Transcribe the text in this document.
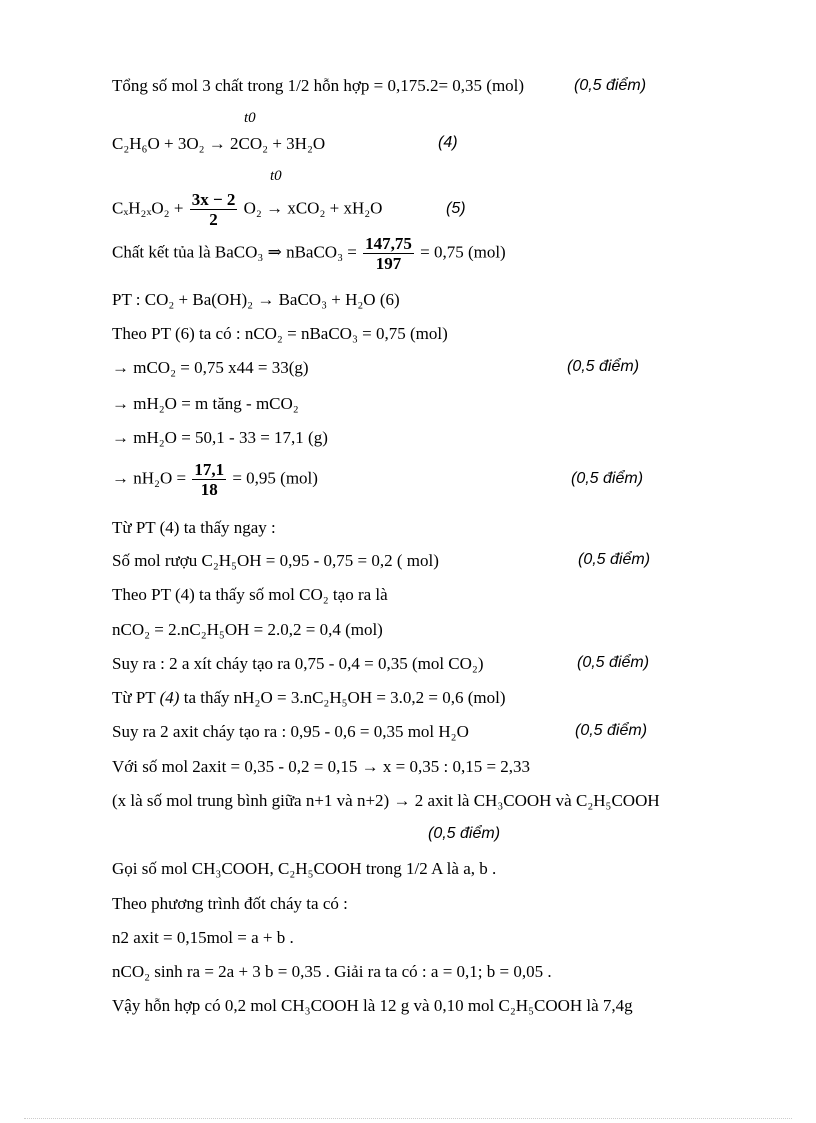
Tổng số mol 3 chất trong 1/2 hỗn hợp = 0,175.2= 0,35 (mol)	(0,5 điểm)
t0
C₂H₆O + 3O₂ → 2CO₂ + 3H₂O	(4)
t0
$C_xH_{2x}O_2 + \frac{3x - 2}{2} O_2 \to xCO_2 + xH_2O$	(5)
Chất kết tủa là BaCO₃ ⇒ nBaCO₃ = $\frac{147,75}{197} = 0,75$ (mol)
PT : CO₂ + Ba(OH)₂ → BaCO₃ + H₂O (6)
Theo PT (6) ta có : nCO₂ = nBaCO₃ = 0,75 (mol)
→ mCO₂ = 0,75 x44 = 33(g)	(0,5 điểm)
→ mH₂O = m tăng - mCO₂
→ mH₂O = 50,1 - 33 = 17,1 (g)
→ $nH_2O = \frac{17,1}{18} = 0,95$ (mol)	(0,5 điểm)
Từ PT (4) ta thấy ngay :
Số mol rượu C₂H₅OH = 0,95 - 0,75 = 0,2 ( mol)	(0,5 điểm)
Theo PT (4) ta thấy số mol CO₂ tạo ra là
nCO₂ = 2.nC₂H₅OH = 2.0,2 = 0,4 (mol)
Suy ra : 2 a xít cháy tạo ra 0,75 - 0,4 = 0,35 (mol CO₂)	(0,5 điểm)
Từ PT (4) ta thấy nH₂O = 3.nC₂H₅OH = 3.0,2 = 0,6 (mol)
Suy ra 2 axit cháy tạo ra : 0,95 - 0,6 = 0,35 mol H₂O	(0,5 điểm)
Với số mol 2axit = 0,35 - 0,2 = 0,15 → x = 0,35 : 0,15 = 2,33
(x là số mol trung bình giữa n+1 và n+2) → 2 axit là CH₃COOH và C₂H₅COOH
(0,5 điểm)
Gọi số mol CH₃COOH, C₂H₅COOH trong 1/2 A là a, b .
Theo phương trình đốt cháy ta có :
n2 axit = 0,15mol = a + b .
nCO₂ sinh ra = 2a + 3 b = 0,35 . Giải ra ta có : a = 0,1; b = 0,05 .
Vậy hỗn hợp có 0,2 mol CH₃COOH là 12 g và 0,10 mol C₂H₅COOH là 7,4g
